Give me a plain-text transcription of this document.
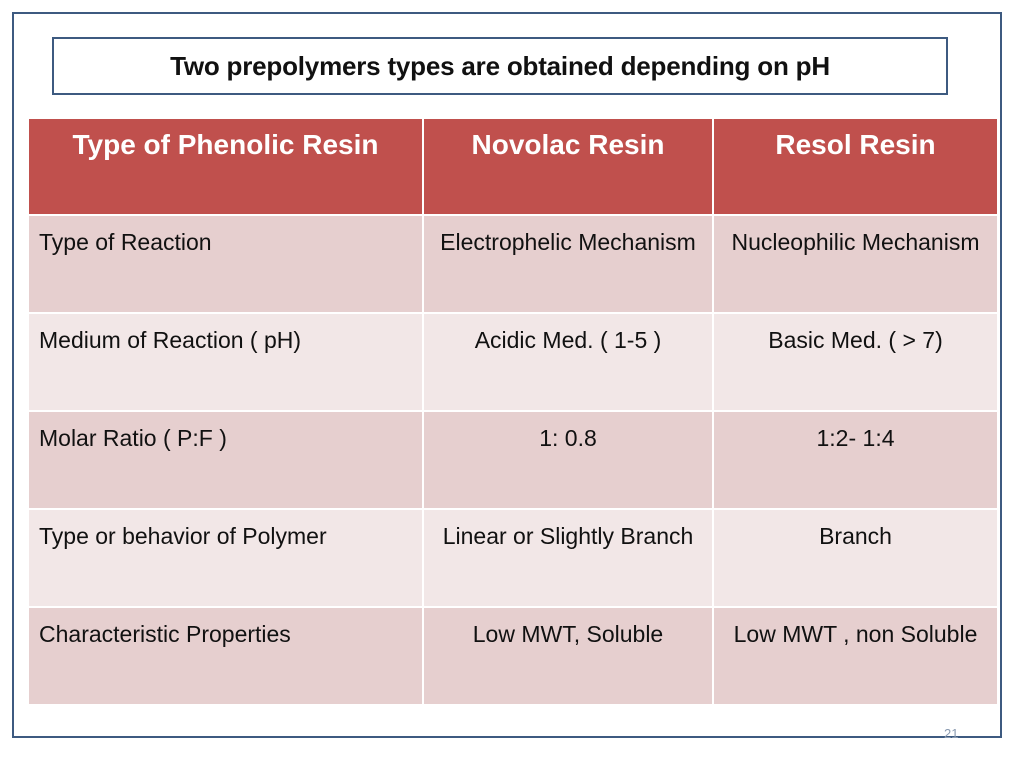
Two prepolymers types are obtained depending on pH
Type of Phenolic Resin	Novolac Resin	Resol Resin
Type of Reaction	Electrophelic Mechanism	Nucleophilic Mechanism
Medium of Reaction ( pH)	Acidic Med. ( 1-5 )	Basic Med. ( > 7)
Molar Ratio ( P:F )	1: 0.8	1:2- 1:4
Type or behavior of Polymer	Linear or Slightly Branch	Branch
Characteristic Properties	Low MWT, Soluble	Low MWT , non Soluble
21
